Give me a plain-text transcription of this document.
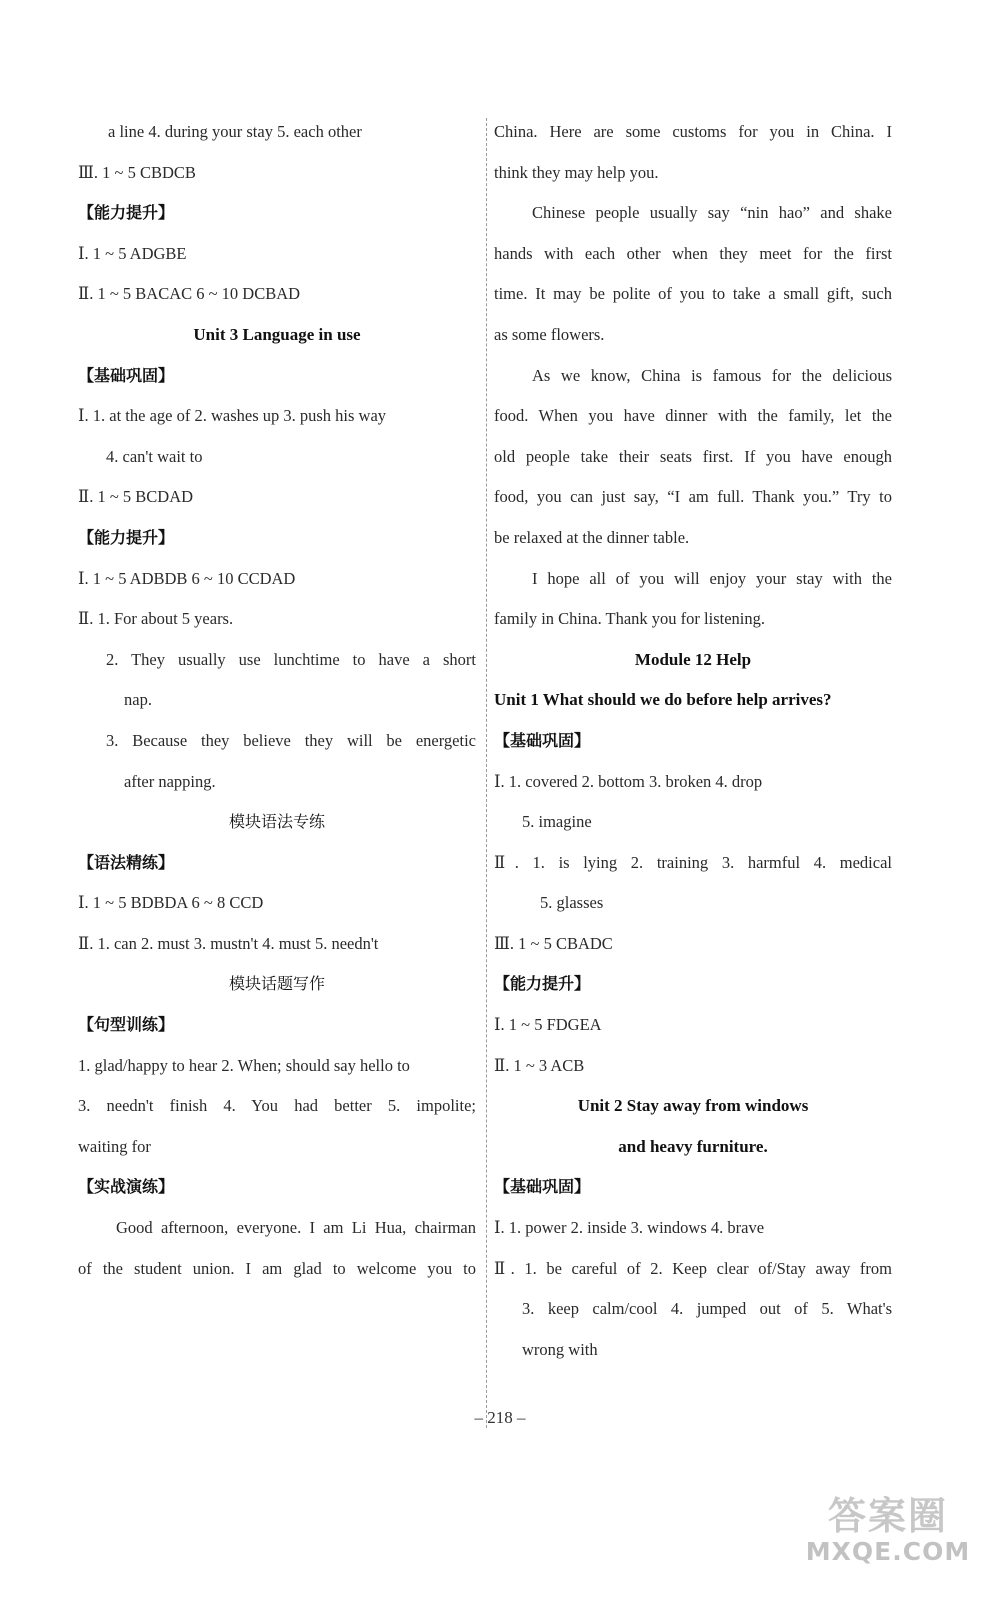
a line 4. during your stay 5. each other
Ⅲ. 1 ~ 5 CBDCB
【能力提升】
Ⅰ. 1 ~ 5 ADGBE
Ⅱ. 1 ~ 5 BACAC 6 ~ 10 DCBAD
Unit 3 Language in use
【基础巩固】
Ⅰ. 1. at the age of 2. washes up 3. push his way
4. can't wait to
Ⅱ. 1 ~ 5 BCDAD
【能力提升】
Ⅰ. 1 ~ 5 ADBDB 6 ~ 10 CCDAD
Ⅱ. 1. For about 5 years.
2. They usually use lunchtime to have a short
nap.
3. Because they believe they will be energetic
after napping.
模块语法专练
【语法精练】
Ⅰ. 1 ~ 5 BDBDA 6 ~ 8 CCD
Ⅱ. 1. can 2. must 3. mustn't 4. must 5. needn't
模块话题写作
【句型训练】
1. glad/happy to hear 2. When; should say hello to
3. needn't finish 4. You had better 5. impolite;
waiting for
【实战演练】
Good afternoon, everyone. I am Li Hua, chairman
of the student union. I am glad to welcome you to
China. Here are some customs for you in China. I
think they may help you.
Chinese people usually say “nin hao” and shake
hands with each other when they meet for the first
time. It may be polite of you to take a small gift, such
as some flowers.
As we know, China is famous for the delicious
food. When you have dinner with the family, let the
old people take their seats first. If you have enough
food, you can just say, “I am full. Thank you.” Try to
be relaxed at the dinner table.
I hope all of you will enjoy your stay with the
family in China. Thank you for listening.
Module 12 Help
Unit 1 What should we do before help arrives?
【基础巩固】
Ⅰ. 1. covered 2. bottom 3. broken 4. drop
5. imagine
Ⅱ. 1. is lying 2. training 3. harmful 4. medical
5. glasses
Ⅲ. 1 ~ 5 CBADC
【能力提升】
Ⅰ. 1 ~ 5 FDGEA
Ⅱ. 1 ~ 3 ACB
Unit 2 Stay away from windows
and heavy furniture.
【基础巩固】
Ⅰ. 1. power 2. inside 3. windows 4. brave
Ⅱ. 1. be careful of 2. Keep clear of/Stay away from
3. keep calm/cool 4. jumped out of 5. What's
wrong with
– 218 –
答案圈
MXQE.COM
